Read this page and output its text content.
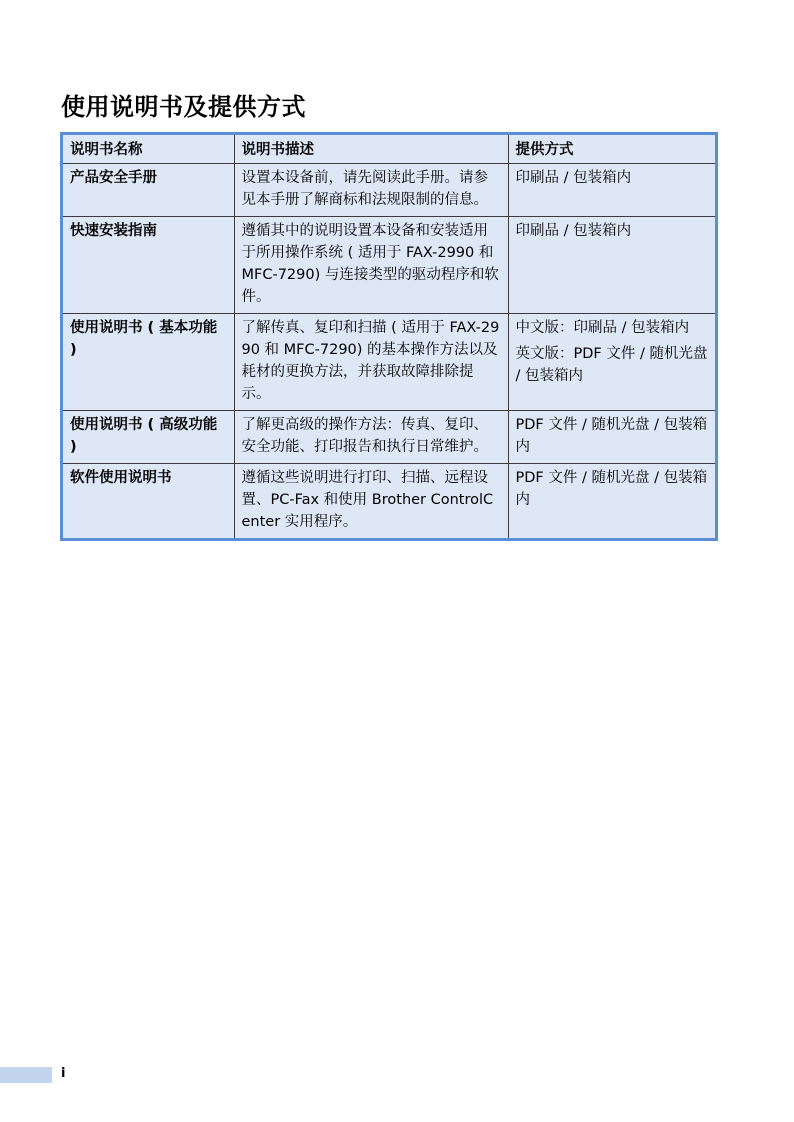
使用说明书及提供方式
说明书名称	说明书描述	提供方式
产品安全手册	设置本设备前，请先阅读此手册。请参见本手册了解商标和法规限制的信息。	印刷品 / 包装箱内

快速安装指南	遵循其中的说明设置本设备和安装适用于所用操作系统 ( 适用于 FAX-2990 和 MFC-7290) 与连接类型的驱动程序和软件。	印刷品 / 包装箱内

使用说明书 ( 基本功能 )	了解传真、复印和扫描 ( 适用于 FAX-2990 和 MFC-7290) 的基本操作方法以及耗材的更换方法，并获取故障排除提示。	中文版：印刷品 / 包装箱内
英文版：PDF 文件 / 随机光盘 / 包装箱内

使用说明书 ( 高级功能 )	了解更高级的操作方法：传真、复印、安全功能、打印报告和执行日常维护。	PDF 文件 / 随机光盘 / 包装箱内

软件使用说明书	遵循这些说明进行打印、扫描、远程设置、PC-Fax 和使用 Brother ControlCenter 实用程序。	PDF 文件 / 随机光盘 / 包装箱内
i
